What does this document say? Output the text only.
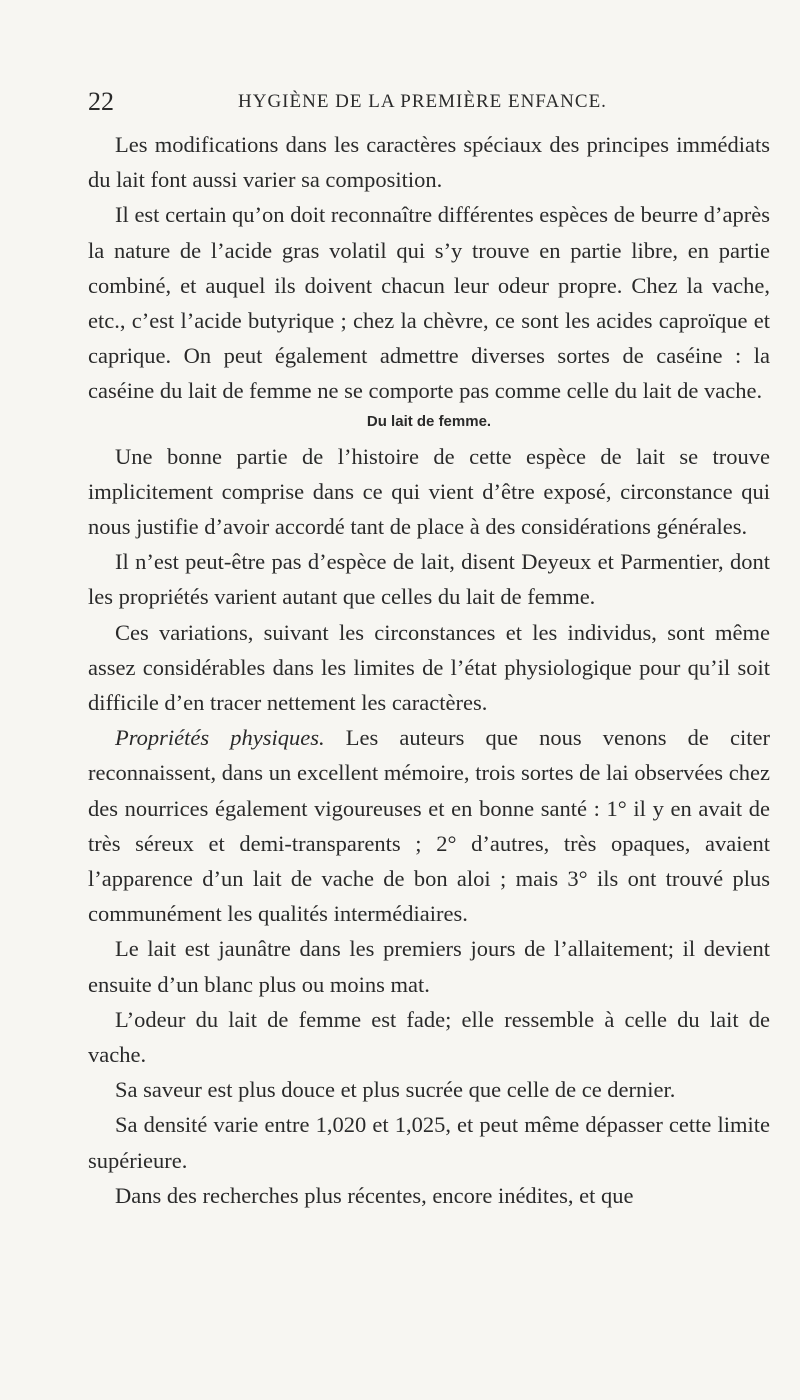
22	HYGIÈNE DE LA PREMIÈRE ENFANCE.

Les modifications dans les caractères spéciaux des principes immédiats du lait font aussi varier sa composition.

Il est certain qu’on doit reconnaître différentes espèces de beurre d’après la nature de l’acide gras volatil qui s’y trouve en partie libre, en partie combiné, et auquel ils doivent chacun leur odeur propre. Chez la vache, etc., c’est l’acide butyrique ; chez la chèvre, ce sont les acides caproïque et caprique. On peut également admettre diverses sortes de caséine : la caséine du lait de femme ne se comporte pas comme celle du lait de vache.

Du lait de femme.

Une bonne partie de l’histoire de cette espèce de lait se trouve implicitement comprise dans ce qui vient d’être exposé, circonstance qui nous justifie d’avoir accordé tant de place à des considérations générales.

Il n’est peut-être pas d’espèce de lait, disent Deyeux et Parmentier, dont les propriétés varient autant que celles du lait de femme.

Ces variations, suivant les circonstances et les individus, sont même assez considérables dans les limites de l’état physiologique pour qu’il soit difficile d’en tracer nettement les caractères.

Propriétés physiques. Les auteurs que nous venons de citer reconnaissent, dans un excellent mémoire, trois sortes de lai observées chez des nourrices également vigoureuses et en bonne santé : 1° il y en avait de très séreux et demi-transparents ; 2° d’autres, très opaques, avaient l’apparence d’un lait de vache de bon aloi ; mais 3° ils ont trouvé plus communément les qualités intermédiaires.

Le lait est jaunâtre dans les premiers jours de l’allaitement; il devient ensuite d’un blanc plus ou moins mat.

L’odeur du lait de femme est fade; elle ressemble à celle du lait de vache.

Sa saveur est plus douce et plus sucrée que celle de ce dernier.

Sa densité varie entre 1,020 et 1,025, et peut même dépasser cette limite supérieure.

Dans des recherches plus récentes, encore inédites, et que
